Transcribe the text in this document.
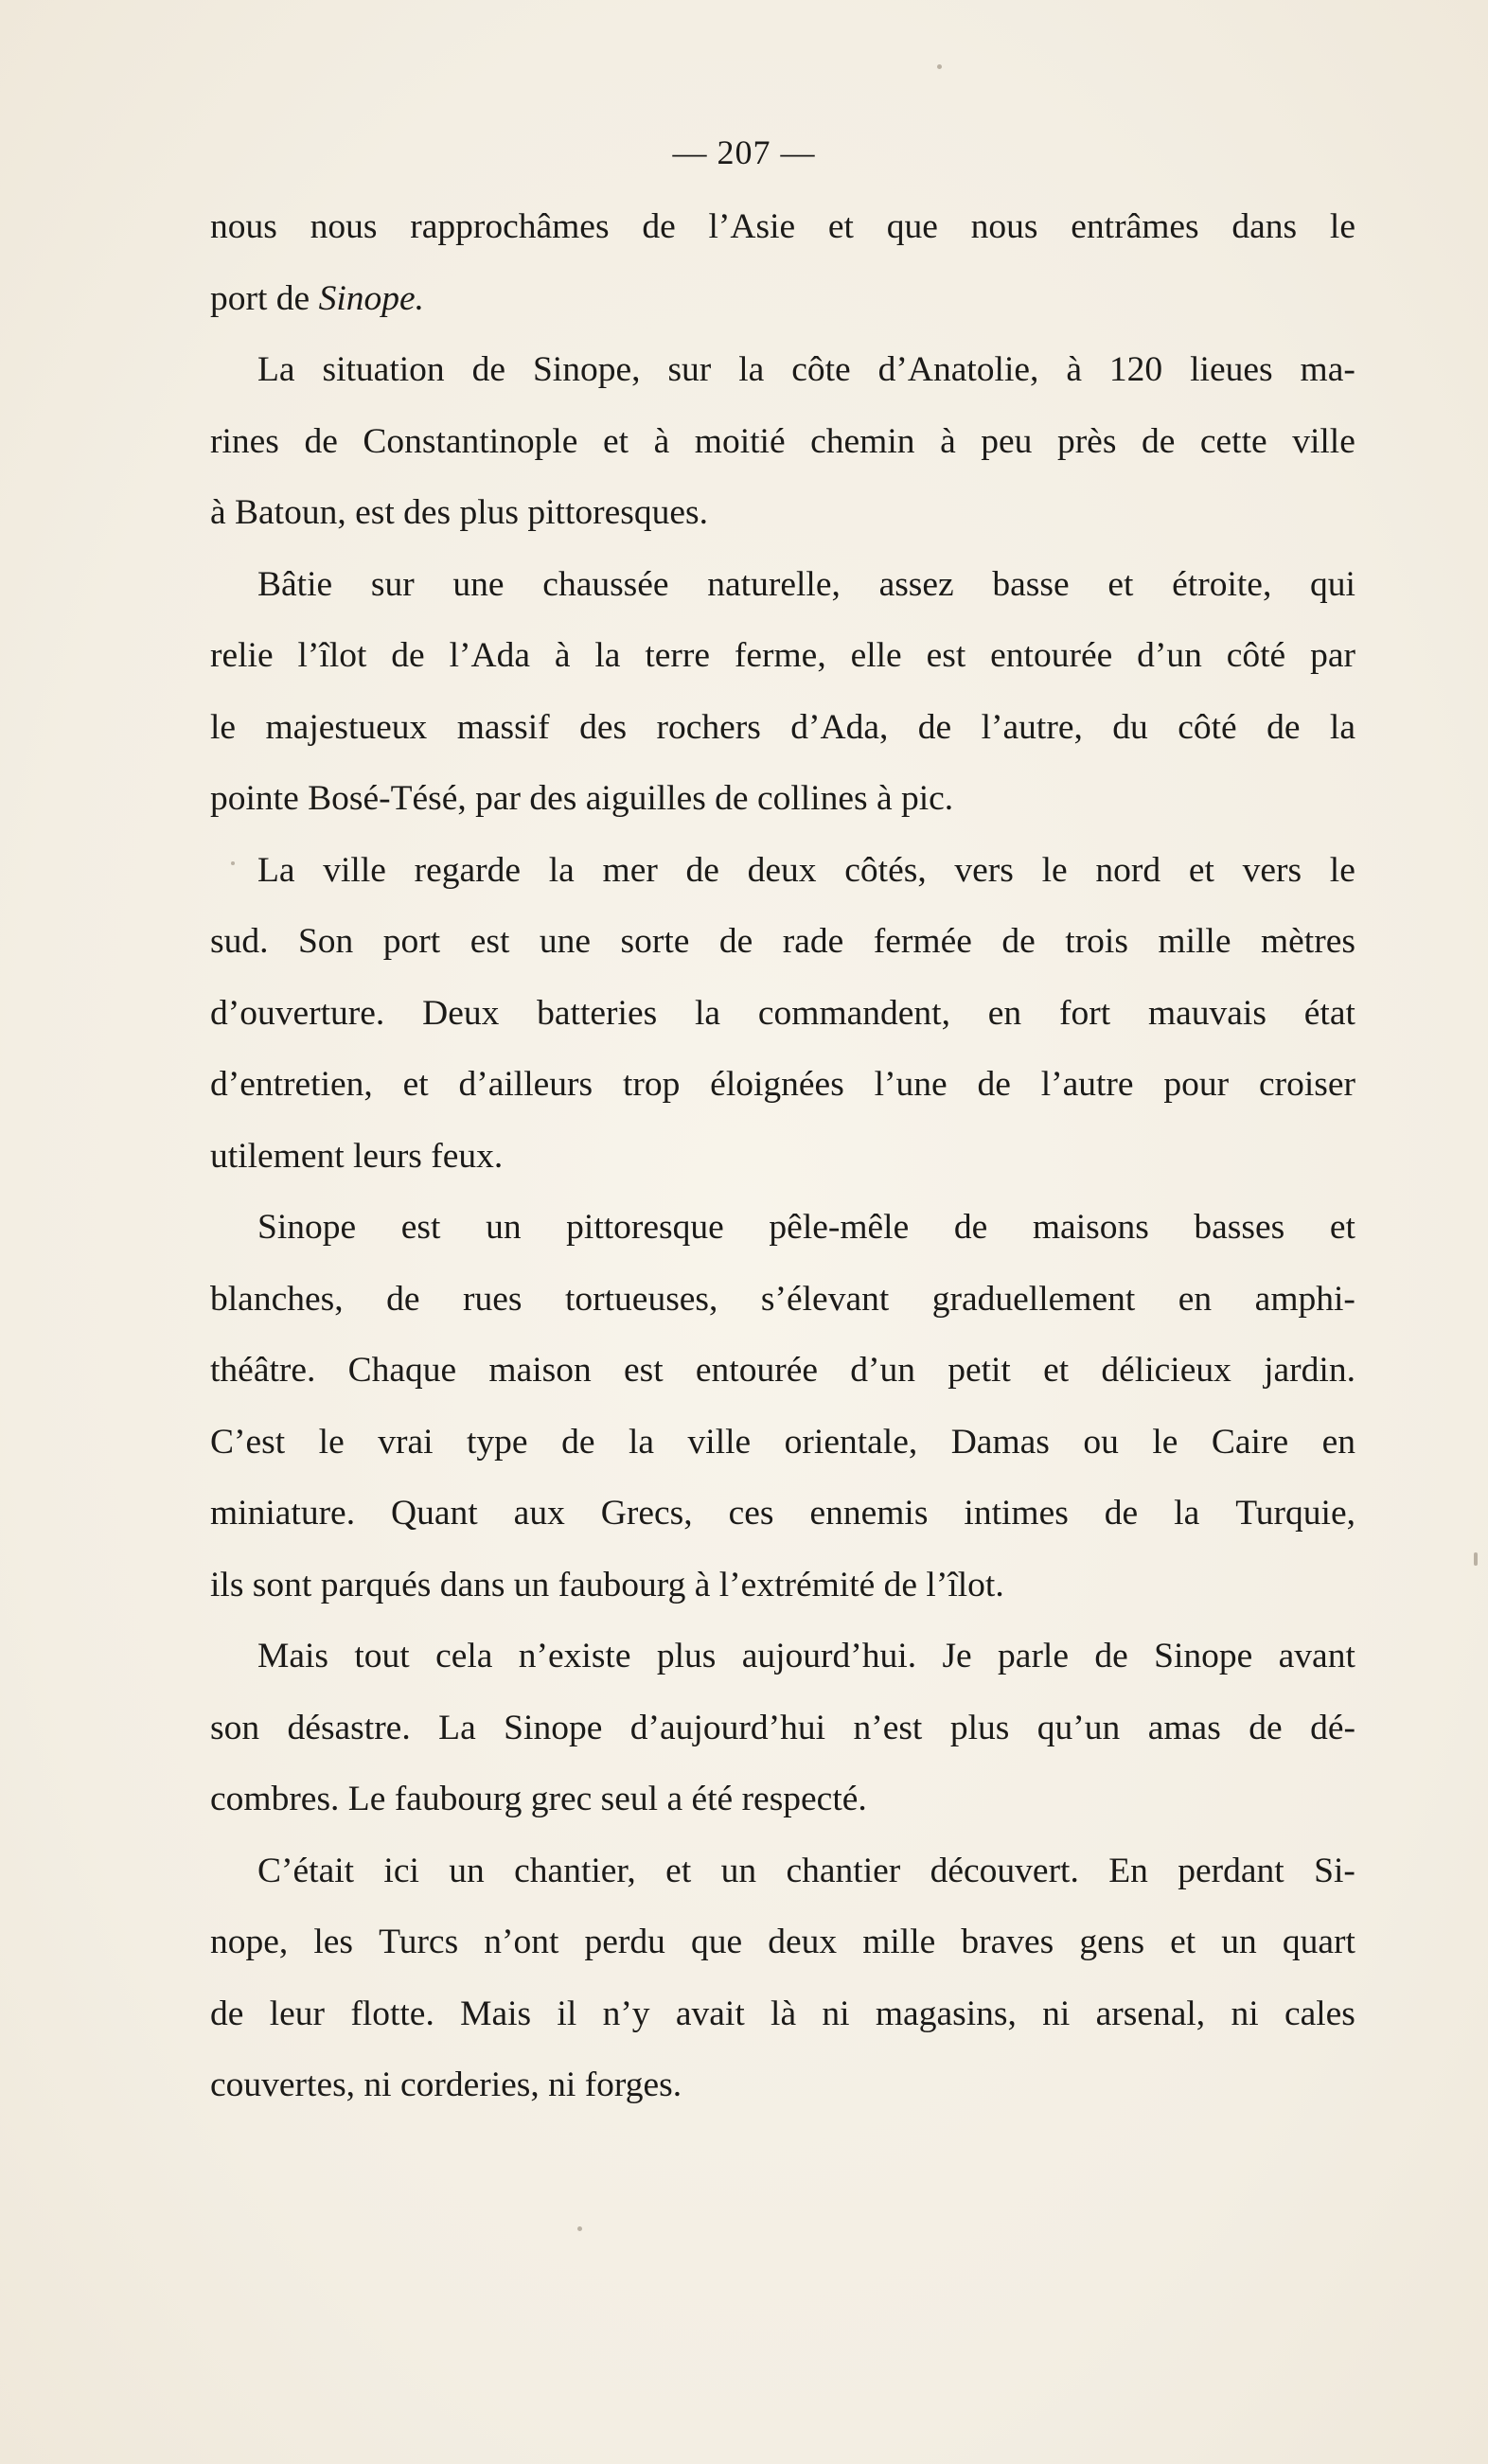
— 207 —
nous nous rapprochâmes de l’Asie et que nous entrâmes dans le
port de Sinope.
La situation de Sinope, sur la côte d’Anatolie, à 120 lieues ma-
rines de Constantinople et à moitié chemin à peu près de cette ville
à Batoun, est des plus pittoresques.
Bâtie sur une chaussée naturelle, assez basse et étroite, qui
relie l’îlot de l’Ada à la terre ferme, elle est entourée d’un côté par
le majestueux massif des rochers d’Ada, de l’autre, du côté de la
pointe Bosé-Tésé, par des aiguilles de collines à pic.
La ville regarde la mer de deux côtés, vers le nord et vers le
sud. Son port est une sorte de rade fermée de trois mille mètres
d’ouverture. Deux batteries la commandent, en fort mauvais état
d’entretien, et d’ailleurs trop éloignées l’une de l’autre pour croiser
utilement leurs feux.
Sinope est un pittoresque pêle-mêle de maisons basses et
blanches, de rues tortueuses, s’élevant graduellement en amphi-
théâtre. Chaque maison est entourée d’un petit et délicieux jardin.
C’est le vrai type de la ville orientale, Damas ou le Caire en
miniature. Quant aux Grecs, ces ennemis intimes de la Turquie,
ils sont parqués dans un faubourg à l’extrémité de l’îlot.
Mais tout cela n’existe plus aujourd’hui. Je parle de Sinope avant
son désastre. La Sinope d’aujourd’hui n’est plus qu’un amas de dé-
combres. Le faubourg grec seul a été respecté.
C’était ici un chantier, et un chantier découvert. En perdant Si-
nope, les Turcs n’ont perdu que deux mille braves gens et un quart
de leur flotte. Mais il n’y avait là ni magasins, ni arsenal, ni cales
couvertes, ni corderies, ni forges.
